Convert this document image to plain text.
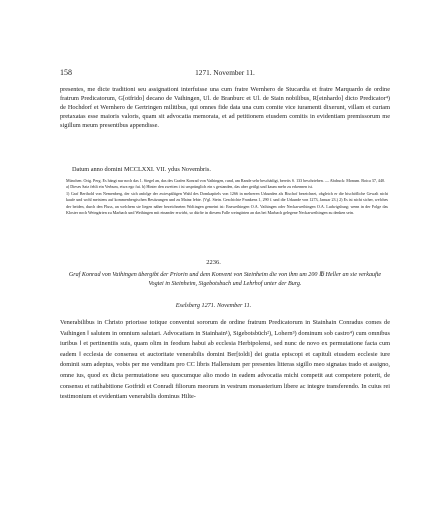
158	1271. November 11.

presentes, me dicte traditioni seu assignationi interfuisse una cum fratre Wernhero de Stucardia et fratre Marquardo de ordine fratrum Predicatorum, G[otfrido] decano de Vaihingen, Ul. de Branburc et Ul. de Stain nobilibus, R[einhardo] dicto Predicator⁴) de Hochdorf et Wernhero de Gertringen militibus, qui omnes fide data una cum comite vice iuramenti dixerunt, villam et curiam pretaxatas esse maioris valoris, quam sit advocatia memorata, et ad petitionem eiusdem comitis in evidentiam premissorum me sigillum meum presentibus appendisse.

Datum anno domini MCCLXXI. VII. ydus Novembris.

München. Orig. Perg. Es hängt nur noch das 1. Siegel an, das des Grafen Konrad von Vaihingen, rund, am Rande sehr beschädigt, bereits S. 133 beschrieben. — Abdruck: Monum. Boica 37, 440.

a) Dieses Satz fehlt ein Verbum, etwa ego fui. b) Hinter den zweiten i ist ursprünglich ein s gestanden, das aber getilgt und kaum mehr zu erkennen ist.

1) Graf Berthold von Nemenberg, der sich anfolge der zwiespältigen Wahl des Domkapitels von 1266 in mehreren Urkunden als Bischof bezeichnet, obgleich er die bischöfliche Gewalt nicht kaufe und wohl meistens auf kommenbergischen Besitzungen und zu Mainz lebte. (Vgl. Stein. Geschichte Frankens 1, 290 f. und die Urkunde von 1273, Januar 23.) 2) Es ist nicht sicher, welches der beiden, durch den Fluss, an welchem sie liegen näher bezeichneten Woltingen gemeint ist: Enzweihingen O.A. Vaihingen oder Neckarweihingen O.A. Ludwigsburg; wenn in der Folge das Kloster noch Weingärten zu Marbach und Weihingen mit einander erwirbt, so dürfte in diesem Falle weingärten an das bei Marbach gelegene Neckarweihingen zu denken sein.

2236.
Graf Konrad von Vaihingen übergibt der Priorin und dem Konvent von Steinheim die von ihm um 200 ℔ Heller an sie verkaufte Vogtei in Steinheim, Sigebotsbuch und Lehrhof unter der Burg.
Eselsberg 1271. November 11.

Venerabilibus in Christo priorisse totique conventui sororum de ordine fratrum Predicatorum in Stainhain Conradus comes de Vaihingen ‖ salutem in omnium salutari. Advocatiam in Stainhain¹), Sigebotsbüch²), Lohern³) dominum sob castro⁴) cum omnibus iuribus ‖ et pertinentiis suis, quam olim in feodum habui ab ecclesia Herbipolensi, sed nunc de novo ex permutatione facta cum eadem ‖ ecclesia de consensu et auctoritate venerabilis domini Ber[toldi] dei gratia episcopi et capituli eiusdem ecclesie iure dominii sum adeptus, vobis per me venditam pro CC libris Hallensium per presentes litteras sigillo meo signatas trado et assigno, omne ius, quod ex dicta permutatione seu quocumque alio modo in eadem advocatia michi competit aut competere poterit, de consensu et ratihabitione Gotfridi et Conradi filiorum meorum in vestrum monasterium libere ac integre transferendo. In cuius rei testimonium et evidentiam venerabilis dominus Hilte-
